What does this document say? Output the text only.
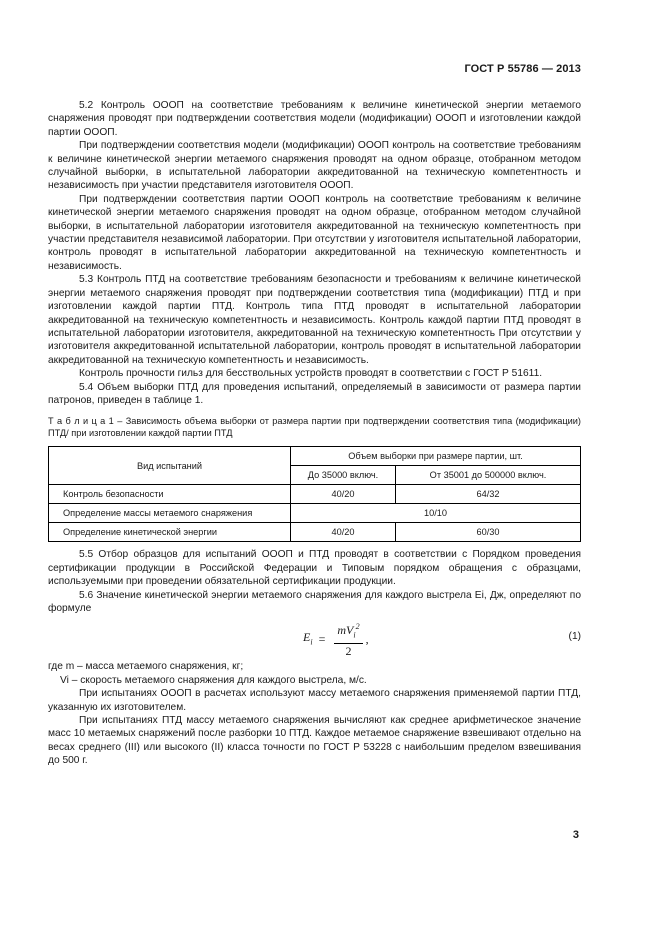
ГОСТ Р 55786 — 2013

5.2 Контроль ОООП на соответствие требованиям к величине кинетической энергии метаемого снаряжения проводят при подтверждении соответствия модели (модификации) ОООП и изготовлении каждой партии ОООП.

При подтверждении соответствия модели (модификации) ОООП контроль на соответствие требованиям к величине кинетической энергии метаемого снаряжения проводят на одном образце, отобранном методом случайной выборки, в испытательной лаборатории аккредитованной на техническую компетентность и независимость при участии представителя изготовителя ОООП.

При подтверждении соответствия партии ОООП контроль на соответствие требованиям к величине кинетической энергии метаемого снаряжения проводят на одном образце, отобранном методом случайной выборки, в испытательной лаборатории изготовителя аккредитованной на техническую компетентность при участии представителя независимой лаборатории. При отсутствии у изготовителя испытательной лаборатории, контроль проводят в испытательной лаборатории аккредитованной на техническую компетентность и независимость.

5.3 Контроль ПТД на соответствие требованиям безопасности и требованиям к величине кинетической энергии метаемого снаряжения проводят при подтверждении соответствия типа (модификации) ПТД и при изготовлении каждой партии ПТД. Контроль типа ПТД проводят в испытательной лаборатории аккредитованной на техническую компетентность и независимость. Контроль каждой партии ПТД проводят в испытательной лаборатории изготовителя, аккредитованной на техническую компетентность При отсутствии у изготовителя аккредитованной испытательной лаборатории, контроль проводят в испытательной лаборатории аккредитованной на техническую компетентность и независимость.

Контроль прочности гильз для бесствольных устройств проводят в соответствии с ГОСТ Р 51611.

5.4 Объем выборки ПТД для проведения испытаний, определяемый в зависимости от размера партии патронов, приведен в таблице 1.

Т а б л и ц а 1 – Зависимость объема выборки от размера партии при подтверждении соответствия типа (модификации) ПТД/ при изготовлении каждой партии ПТД

Вид испытаний	Объем выборки при размере партии, шт.	
	До 35000 включ.	От 35001 до 500000 включ.
Контроль безопасности	40/20	64/32
Определение массы метаемого снаряжения	10/10	
Определение кинетической энергии	40/20	60/30

5.5 Отбор образцов для испытаний ОООП и ПТД проводят в соответствии с Порядком проведения сертификации продукции в Российской Федерации и Типовым порядком обращения с образцами, используемыми при проведении обязательной сертификации продукции.

5.6 Значение кинетической энергии метаемого снаряжения для каждого выстрела Ei, Дж, определяют по формуле

$E_i = \frac{mV_i^2}{2}$ ,	(1)

где m – масса метаемого снаряжения, кг;

Vi – скорость метаемого снаряжения для каждого выстрела, м/с.

При испытаниях ОООП в расчетах используют массу метаемого снаряжения применяемой партии ПТД, указанную их изготовителем.

При испытаниях ПТД массу метаемого снаряжения вычисляют как среднее арифметическое значение масс 10 метаемых снаряжений после разборки 10 ПТД. Каждое метаемое снаряжение взвешивают отдельно на весах среднего (III) или высокого (II) класса точности по ГОСТ Р 53228 с наибольшим пределом взвешивания до 500 г.

3
